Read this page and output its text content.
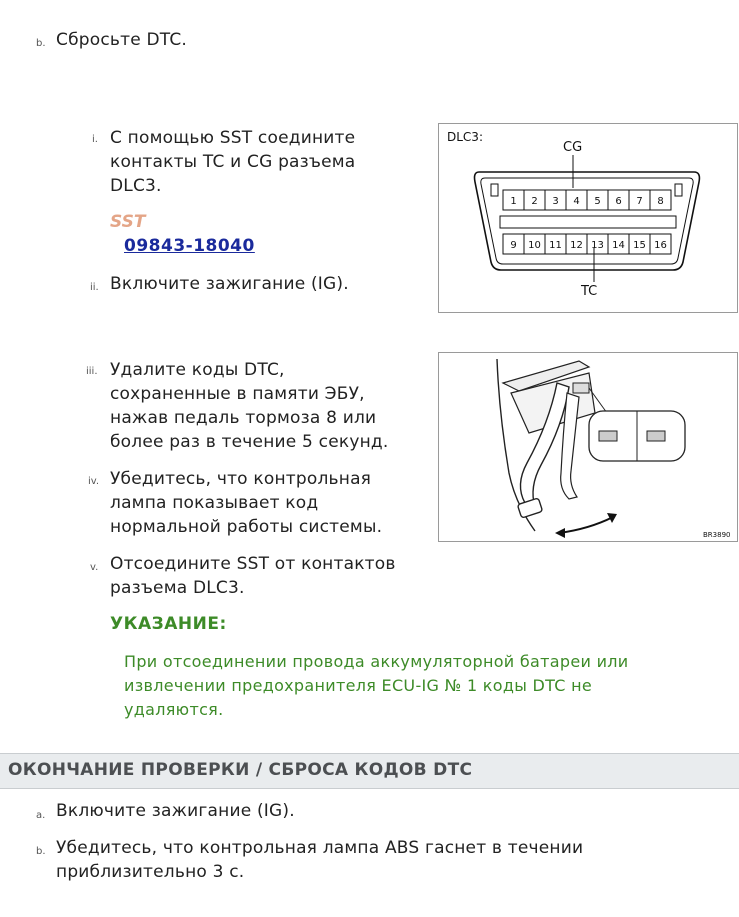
b. Сбросьте DTC.
i. С помощью SST соедините
контакты TC и CG разъема
DLC3.
SST
09843-18040
ii. Включите зажигание (IG).
DLC3:
CG
TC
1 2 3 4 5 6 7 8
9 10 11 12 13 14 15 16
iii. Удалите коды DTC,
сохраненные в памяти ЭБУ,
нажав педаль тормоза 8 или
более раз в течение 5 секунд.
BR3890
iv. Убедитесь, что контрольная
лампа показывает код
нормальной работы системы.
v. Отсоедините SST от контактов
разъема DLC3.
УКАЗАНИЕ:
При отсоединении провода аккумуляторной батареи или
извлечении предохранителя ECU-IG № 1 коды DTC не
удаляются.
ОКОНЧАНИЕ ПРОВЕРКИ / СБРОСА КОДОВ DTC
a. Включите зажигание (IG).
b. Убедитесь, что контрольная лампа ABS гаснет в течении
приблизительно 3 с.
